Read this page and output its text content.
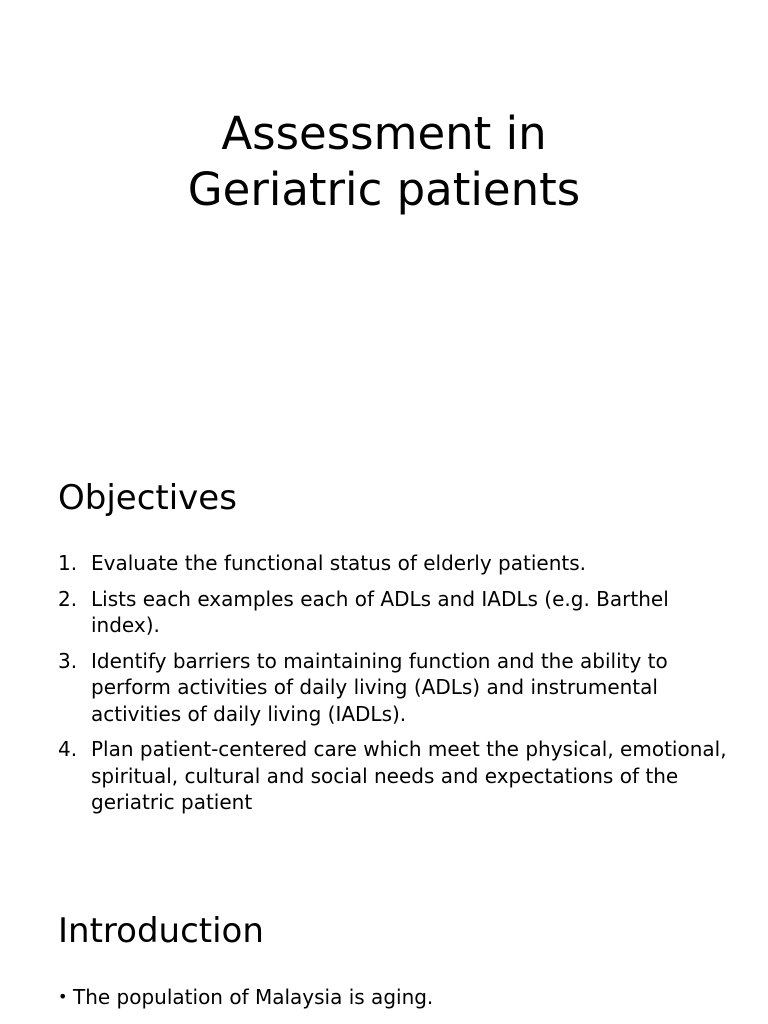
Assessment in
Geriatric patients
Objectives
1. Evaluate the functional status of elderly patients.
2. Lists each examples each of ADLs and IADLs (e.g. Barthel index).
3. Identify barriers to maintaining function and the ability to perform activities of daily living (ADLs) and instrumental activities of daily living (IADLs).
4. Plan patient-centered care which meet the physical, emotional, spiritual, cultural and social needs and expectations of the geriatric patient
Introduction
• The population of Malaysia is aging.
